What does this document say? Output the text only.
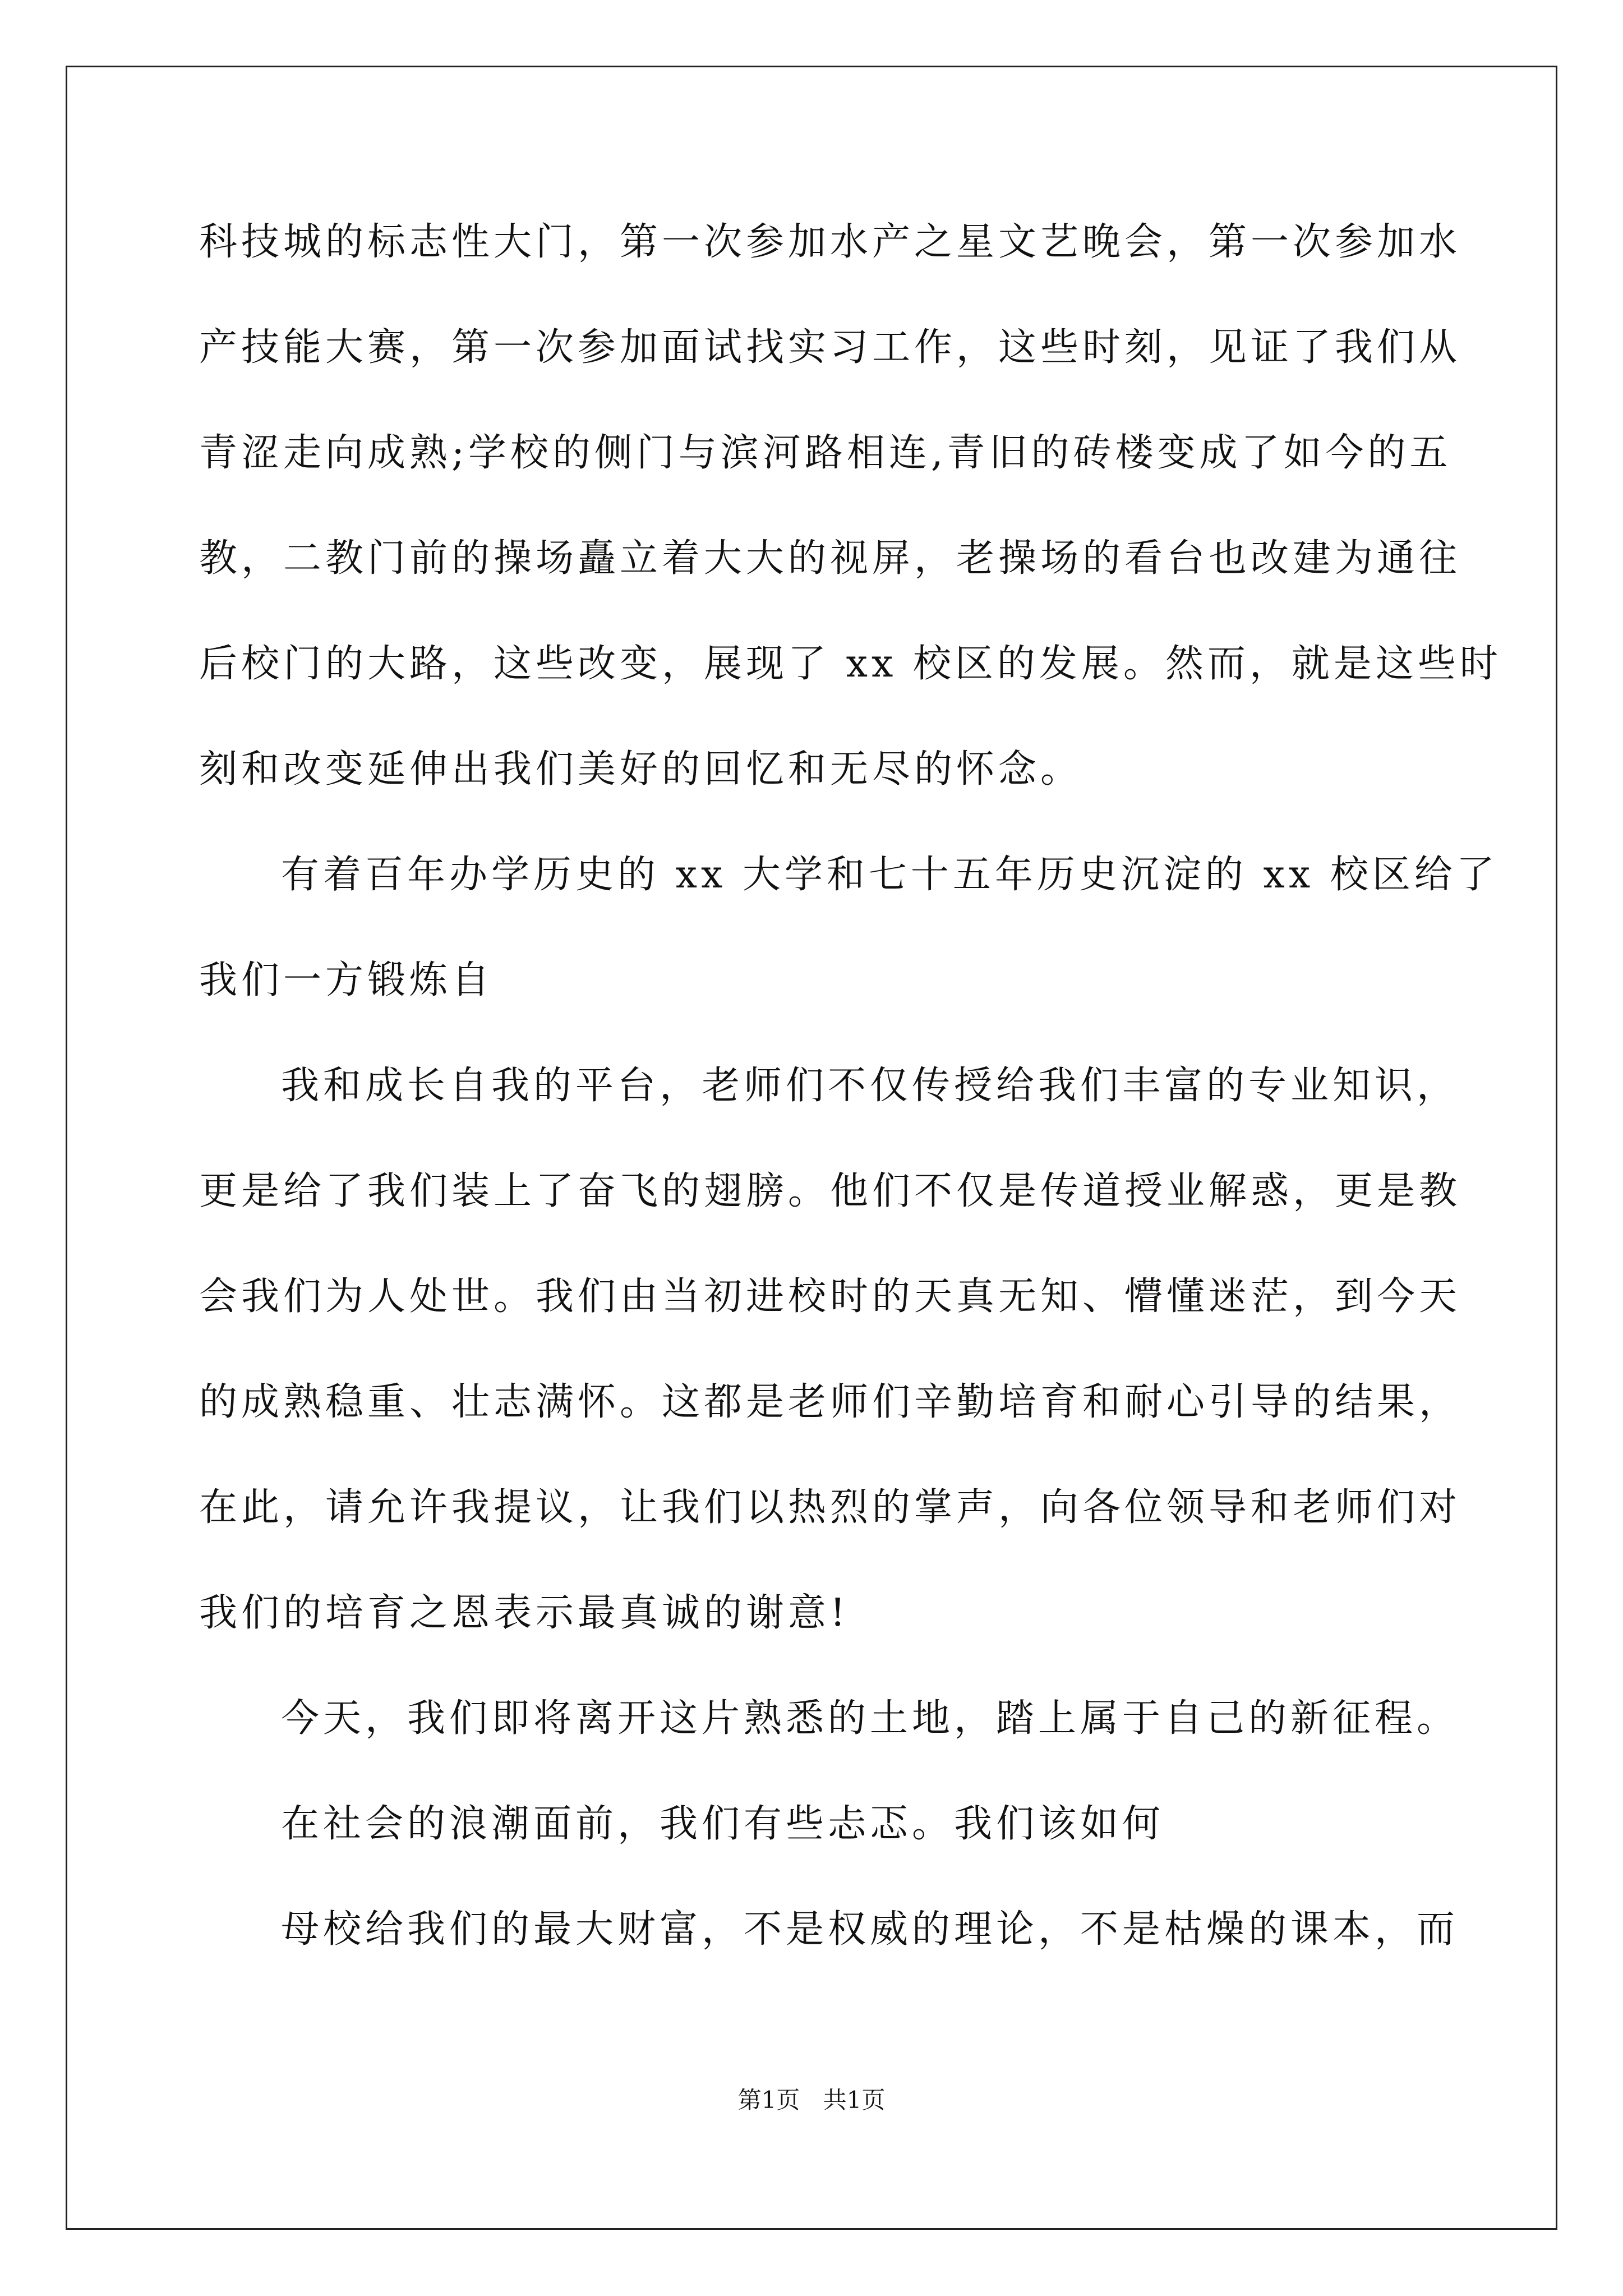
科技城的标志性大门，第一次参加水产之星文艺晚会，第一次参加水
产技能大赛，第一次参加面试找实习工作，这些时刻，见证了我们从
青涩走向成熟;学校的侧门与滨河路相连,青旧的砖楼变成了如今的五
教，二教门前的操场矗立着大大的视屏，老操场的看台也改建为通往
后校门的大路，这些改变，展现了 xx 校区的发展。然而，就是这些时
刻和改变延伸出我们美好的回忆和无尽的怀念。
有着百年办学历史的 xx 大学和七十五年历史沉淀的 xx 校区给了
我们一方锻炼自
我和成长自我的平台，老师们不仅传授给我们丰富的专业知识，
更是给了我们装上了奋飞的翅膀。他们不仅是传道授业解惑，更是教
会我们为人处世。我们由当初进校时的天真无知、懵懂迷茫，到今天
的成熟稳重、壮志满怀。这都是老师们辛勤培育和耐心引导的结果，
在此，请允许我提议，让我们以热烈的掌声，向各位领导和老师们对
我们的培育之恩表示最真诚的谢意!
今天，我们即将离开这片熟悉的土地，踏上属于自己的新征程。
在社会的浪潮面前，我们有些忐忑。我们该如何
母校给我们的最大财富，不是权威的理论，不是枯燥的课本，而
第1页 共1页
